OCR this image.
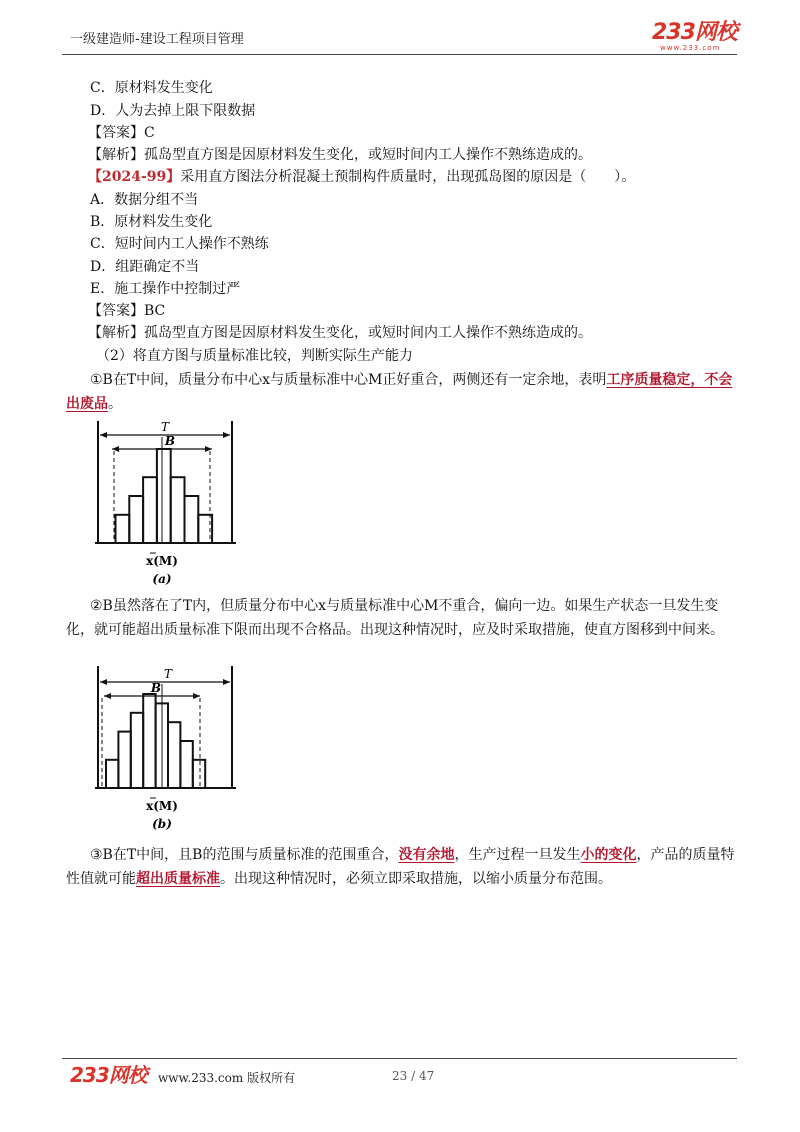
一级建造师-建设工程项目管理	233网校
www.233.com
C．原材料发生变化
D．人为去掉上限下限数据
【答案】C
【解析】孤岛型直方图是因原材料发生变化，或短时间内工人操作不熟练造成的。
【2024-99】采用直方图法分析混凝土预制构件质量时，出现孤岛图的原因是（　　）。
A．数据分组不当
B．原材料发生变化
C．短时间内工人操作不熟练
D．组距确定不当
E．施工操作中控制过严
【答案】BC
【解析】孤岛型直方图是因原材料发生变化，或短时间内工人操作不熟练造成的。
（2）将直方图与质量标准比较，判断实际生产能力
①B在T中间，质量分布中心x与质量标准中心M正好重合，两侧还有一定余地，表明工序质量稳定，不会出废品。
T
B
x(M)
(a)
②B虽然落在了T内，但质量分布中心x与质量标准中心M不重合，偏向一边。如果生产状态一旦发生变化，就可能超出质量标准下限而出现不合格品。出现这种情况时，应及时采取措施，使直方图移到中间来。
T
B
x(M)
(b)
③B在T中间，且B的范围与质量标准的范围重合，没有余地，生产过程一旦发生小的变化，产品的质量特性值就可能超出质量标准。出现这种情况时，必须立即采取措施，以缩小质量分布范围。
233网校 www.233.com 版权所有	23 / 47
